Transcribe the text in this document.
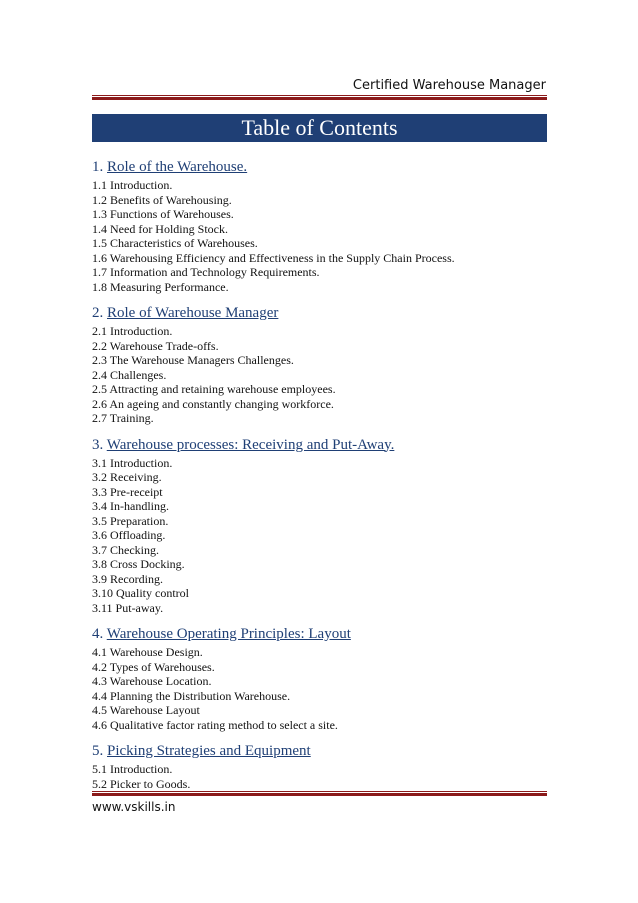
Certified Warehouse Manager
Table of Contents
1. Role of the Warehouse.
1.1 Introduction.
1.2 Benefits of Warehousing.
1.3 Functions of Warehouses.
1.4 Need for Holding Stock.
1.5 Characteristics of Warehouses.
1.6 Warehousing Efficiency and Effectiveness in the Supply Chain Process.
1.7 Information and Technology Requirements.
1.8 Measuring Performance.
2. Role of Warehouse Manager
2.1 Introduction.
2.2 Warehouse Trade-offs.
2.3 The Warehouse Managers Challenges.
2.4 Challenges.
2.5 Attracting and retaining warehouse employees.
2.6 An ageing and constantly changing workforce.
2.7 Training.
3. Warehouse processes: Receiving and Put-Away.
3.1 Introduction.
3.2 Receiving.
3.3 Pre-receipt
3.4 In-handling.
3.5 Preparation.
3.6 Offloading.
3.7 Checking.
3.8 Cross Docking.
3.9 Recording.
3.10 Quality control
3.11 Put-away.
4. Warehouse Operating Principles: Layout
4.1 Warehouse Design.
4.2 Types of Warehouses.
4.3 Warehouse Location.
4.4 Planning the Distribution Warehouse.
4.5 Warehouse Layout
4.6 Qualitative factor rating method to select a site.
5. Picking Strategies and Equipment
5.1 Introduction.
5.2 Picker to Goods.
www.vskills.in
